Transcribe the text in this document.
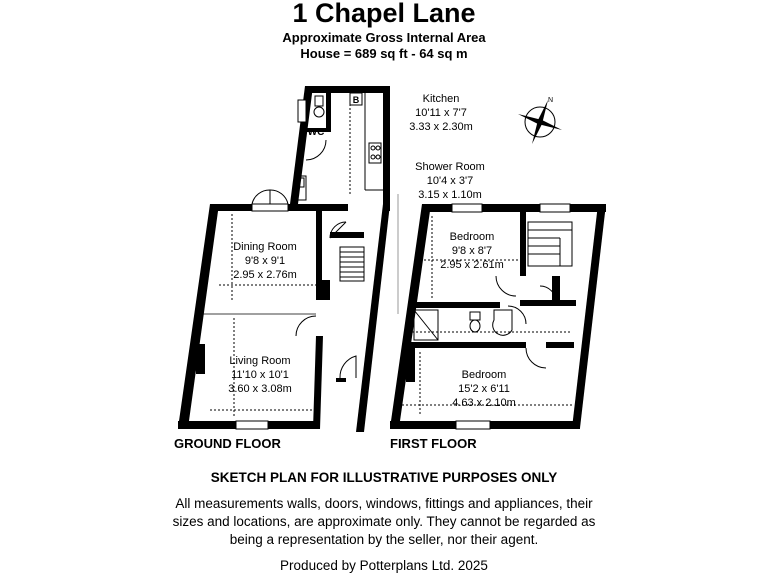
1 Chapel Lane
Approximate Gross Internal Area
House = 689 sq ft - 64 sq m
N
Kitchen
10'11 x 7'7
3.33 x 2.30m
Shower Room
10'4 x 3'7
3.15 x 1.10m
Dining Room
9'8 x 9'1
2.95 x 2.76m
Living Room
11'10 x 10'1
3.60 x 3.08m
Bedroom
9'8 x 8'7
2.95 x 2.61m
Bedroom
15'2 x 6'11
4.63 x 2.10m
WC
B
GROUND FLOOR	FIRST FLOOR
SKETCH PLAN FOR ILLUSTRATIVE PURPOSES ONLY
All measurements walls, doors, windows, fittings and appliances, their
sizes and locations, are approximate only. They cannot be regarded as
being a representation by the seller, nor their agent.
Produced by Potterplans Ltd. 2025
